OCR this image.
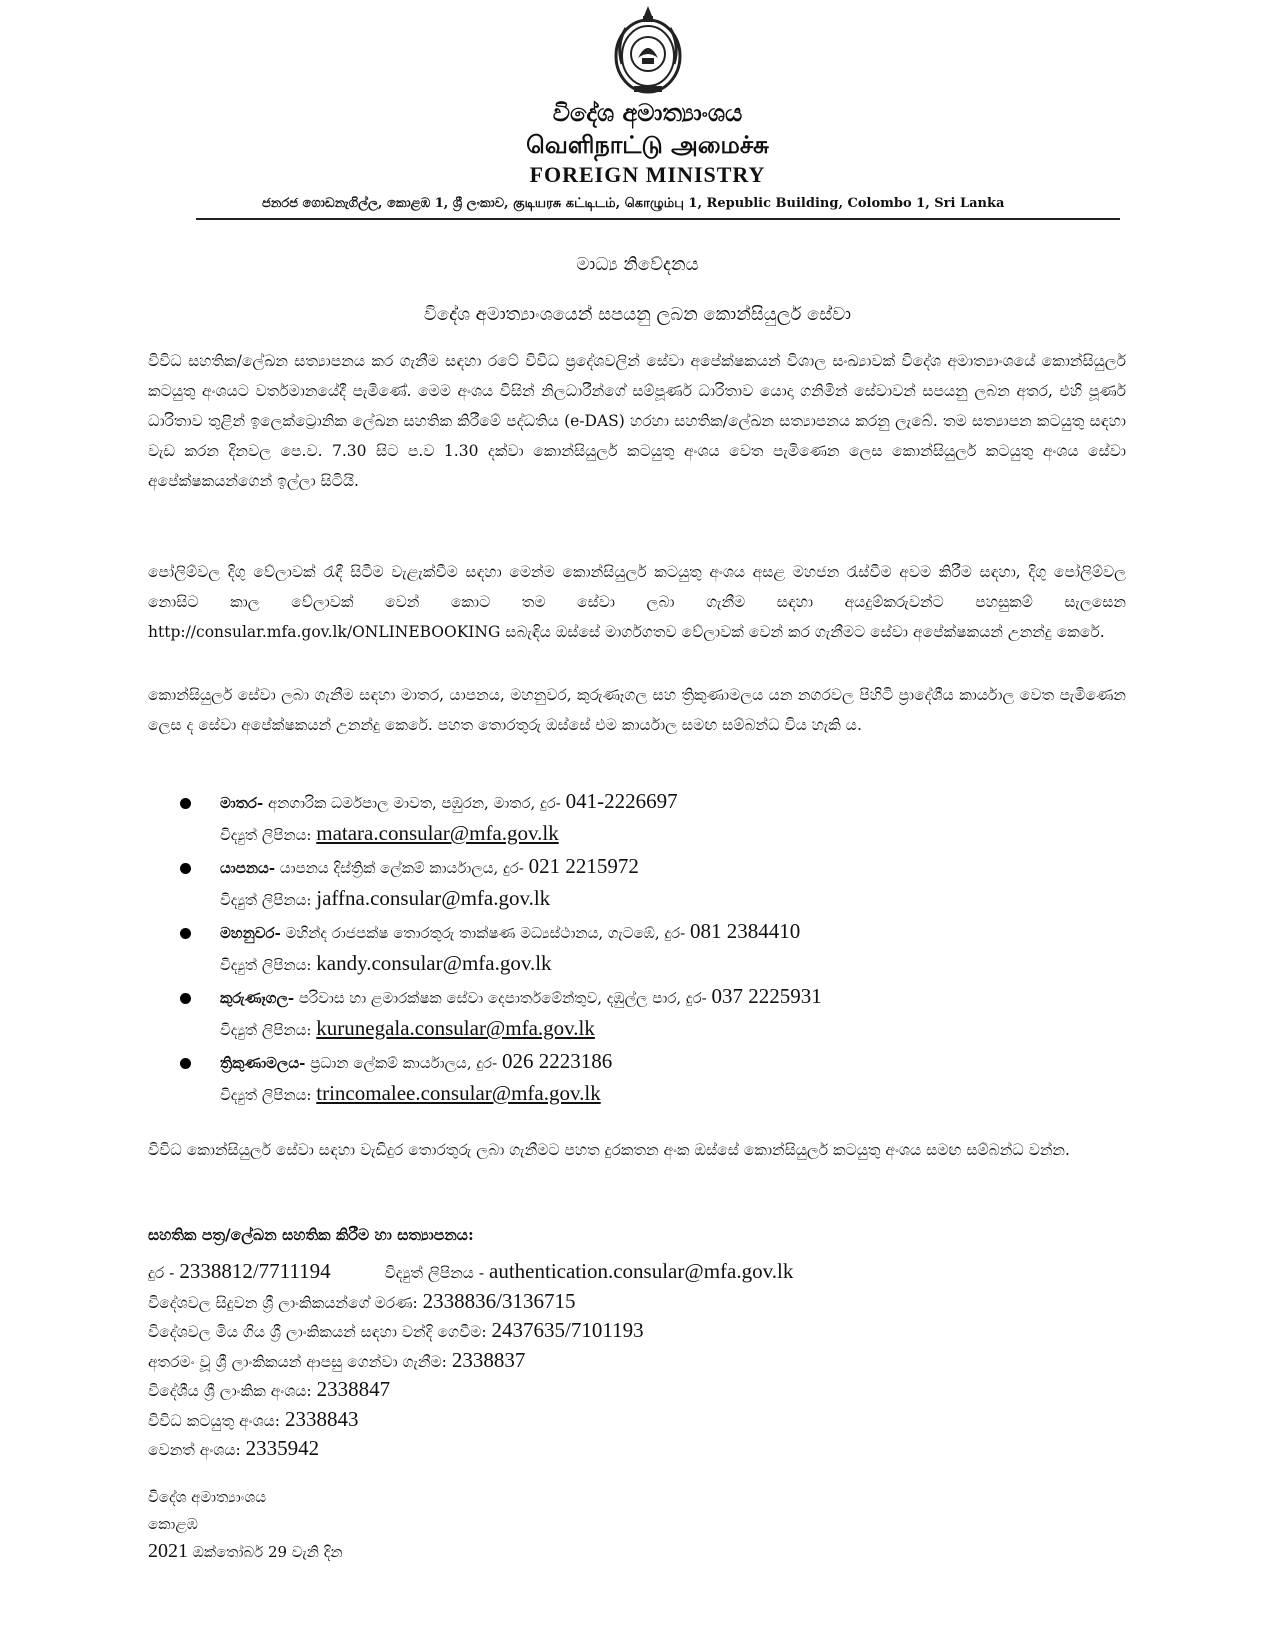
විදේශ අමාත්‍යාංශය
வெளிநாட்டு அமைச்சு
FOREIGN MINISTRY
ජනරජ ගොඩනැගිල්ල, කොළඹ 1, ශ්‍රී ලංකාව, குடியரசு கட்டிடம், கொழும்பு 1, Republic Building, Colombo 1, Sri Lanka
මාධ්‍ය නිවේදනය
විදේශ අමාත්‍යාංශයෙන් සපයනු ලබන කොන්සියුලර් සේවා
විවිධ සහතික/ලේඛන සත්‍යාපනය කර ගැනීම සඳහා රටේ විවිධ ප්‍රදේශවලින් සේවා අපේක්ෂකයන් විශාල සංඛ්‍යාවක් විදේශ අමාත්‍යාංශයේ කොන්සියුලර් කටයුතු අංශයට වර්තමානයේදී පැමිණේ. මෙම අංශය විසින් නිලධාරීන්ගේ සම්පූර්ණ ධාරිතාව යොදා ගනිමින් සේවාවන් සපයනු ලබන අතර, එහි පූර්ණ ධාරිතාව තුළින් ඉලෙක්ට්‍රොනික ලේඛන සහතික කිරීමේ පද්ධතිය (e-DAS) හරහා සහතික/ලේඛන සත්‍යාපනය කරනු ලැබේ. තම සත්‍යාපන කටයුතු සඳහා වැඩ කරන දිනවල පෙ.ව. 7.30 සිට ප.ව 1.30 දක්වා කොන්සියුලර් කටයුතු අංශය වෙත පැමිණෙන ලෙස කොන්සියුලර් කටයුතු අංශය සේවා අපේක්ෂකයන්ගෙන් ඉල්ලා සිටියි.
පෝලිම්වල දිගු වේලාවක් රැඳී සිටීම වැළැක්වීම සඳහා මෙන්ම කොන්සියුලර් කටයුතු අංශය අසළ මහජන රැස්වීම අවම කිරීම සඳහා, දිගු පෝලිම්වල නොසිට කාල වේලාවක් වෙන් කොට තම සේවා ලබා ගැනීම සඳහා අයදුම්කරුවන්ට පහසුකම් සැලසෙන http://consular.mfa.gov.lk/ONLINEBOOKING සබැඳිය ඔස්සේ මාර්ගගතව වේලාවක් වෙන් කර ගැනීමට සේවා අපේක්ෂකයන් උනන්දු කෙරේ.
කොන්සියුලර් සේවා ලබා ගැනීම සඳහා මාතර, යාපනය, මහනුවර, කුරුණෑගල සහ ත්‍රිකුණාමලය යන නගරවල පිහිටි ප්‍රාදේශීය කාර්යාල වෙත පැමිණෙන ලෙස ද සේවා අපේක්ෂකයන් උනන්දු කෙරේ. පහත තොරතුරු ඔස්සේ එම කාර්යාල සමඟ සම්බන්ධ විය හැකි ය.
මාතර- අනගාරික ධර්මපාල මාවත, පඹුරන, මාතර, දුර- 041-2226697
විද්‍යුත් ලිපිනය: matara.consular@mfa.gov.lk
යාපනය- යාපනය දිස්ත්‍රික් ලේකම් කාර්යාලය, දුර- 021 2215972
විද්‍යුත් ලිපිනය: jaffna.consular@mfa.gov.lk
මහනුවර- මහින්ද රාජපක්ෂ තොරතුරු තාක්ෂණ මධ්‍යස්ථානය, ගැටඹේ, දුර- 081 2384410
විද්‍යුත් ලිපිනය: kandy.consular@mfa.gov.lk
කුරුණෑගල- පරිවාස හා ළමාරක්ෂක සේවා දෙපාර්තමේන්තුව, දඹුල්ල පාර, දුර- 037 2225931
විද්‍යුත් ලිපිනය: kurunegala.consular@mfa.gov.lk
ත්‍රිකුණාමලය- ප්‍රධාන ලේකම් කාර්යාලය, දුර- 026 2223186
විද්‍යුත් ලිපිනය: trincomalee.consular@mfa.gov.lk
විවිධ කොන්සියුලර් සේවා සඳහා වැඩිදුර තොරතුරු ලබා ගැනීමට පහත දුරකතන අංක ඔස්සේ කොන්සියුලර් කටයුතු අංශය සමඟ සම්බන්ධ වන්න.
සහතික පත්‍ර/ලේඛන සහතික කිරීම හා සත්‍යාපනය:
දුර - 2338812/7711194	විද්‍යුත් ලිපිනය - authentication.consular@mfa.gov.lk
විදේශවල සිදුවන ශ්‍රී ලාංකිකයන්ගේ මරණ: 2338836/3136715
විදේශවල මිය ගිය ශ්‍රී ලාංකිකයන් සඳහා වන්දි ගෙවීම: 2437635/7101193
අතරමං වූ ශ්‍රී ලාංකිකයන් ආපසු ගෙන්වා ගැනීම: 2338837
විදේශීය ශ්‍රී ලාංකික අංශය: 2338847
විවිධ කටයුතු අංශය: 2338843
වෙනත් අංශය: 2335942
විදේශ අමාත්‍යාංශය
කොළඹ
2021 ඔක්තෝබර් 29 වැනි දින
